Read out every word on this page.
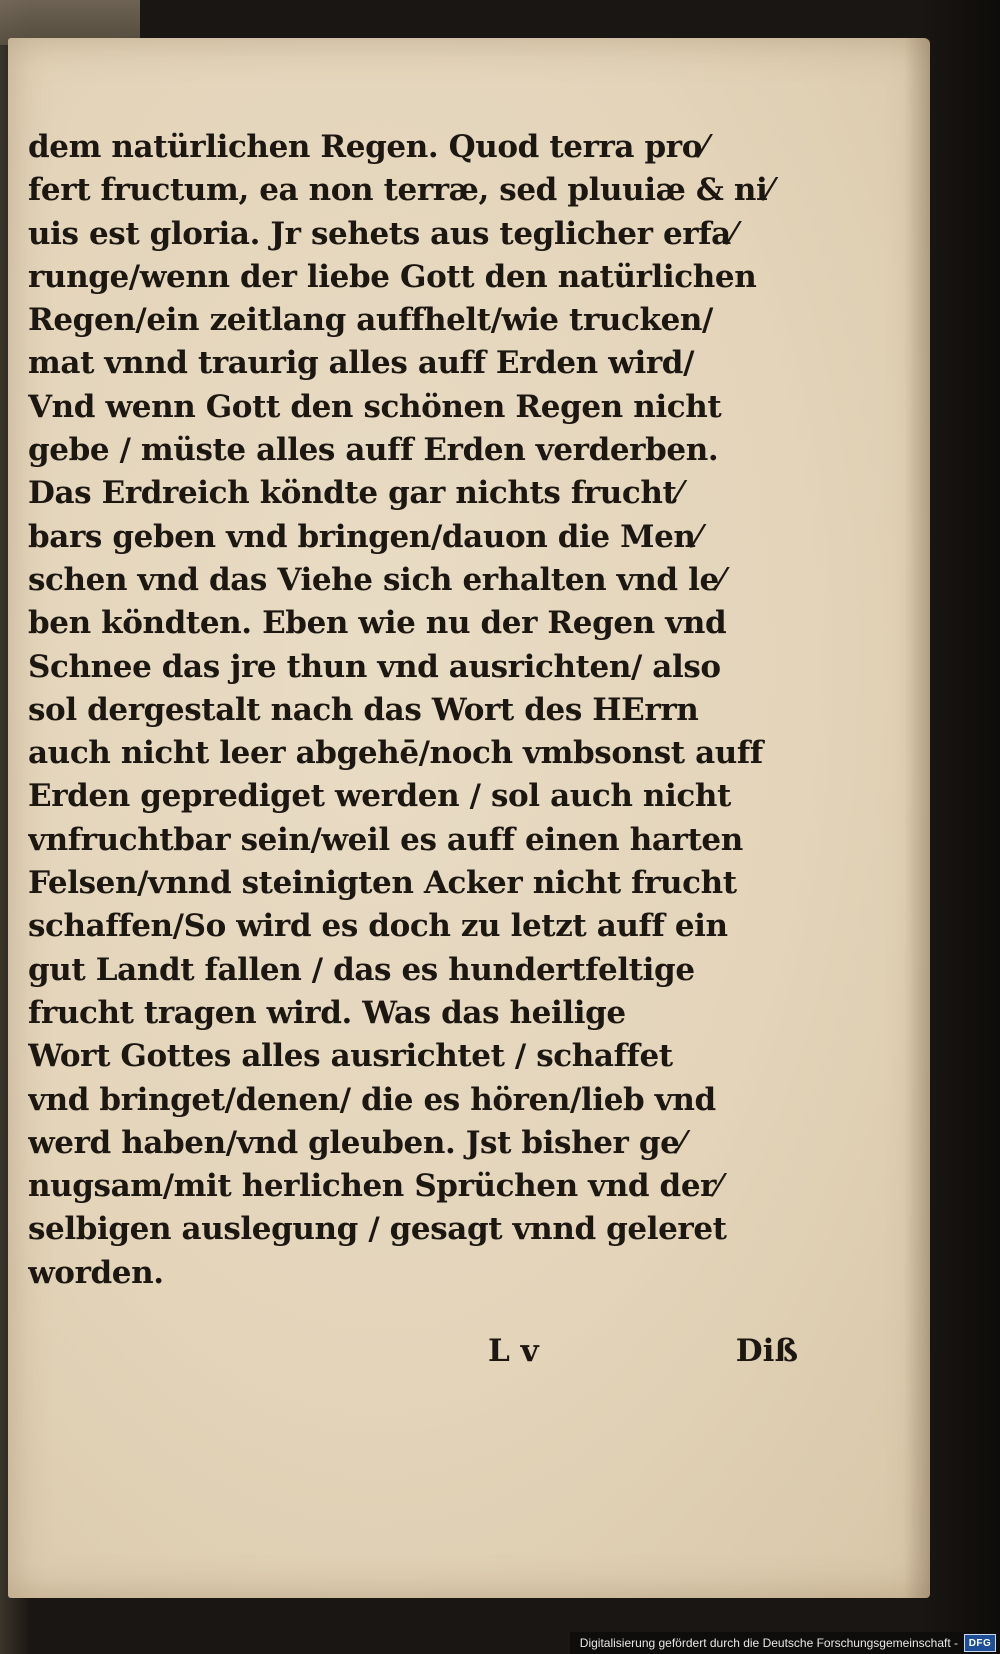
dem natürlichen Regen. Quod terra pro⁄
fert fructum, ea non terræ, sed pluuiæ & ni⁄
uis est gloria. Jr sehets aus teglicher erfa⁄
runge/wenn der liebe Gott den natürlichen
Regen/ein zeitlang auffhelt/wie trucken/
mat vnnd traurig alles auff Erden wird/
Vnd wenn Gott den schönen Regen nicht
gebe / müste alles auff Erden verderben.
Das Erdreich köndte gar nichts frucht⁄
bars geben vnd bringen/dauon die Men⁄
schen vnd das Viehe sich erhalten vnd le⁄
ben köndten. Eben wie nu der Regen vnd
Schnee das jre thun vnd ausrichten/ also
sol dergestalt nach das Wort des HErrn
auch nicht leer abgehē/noch vmbsonst auff
Erden geprediget werden / sol auch nicht
vnfruchtbar sein/weil es auff einen harten
Felsen/vnnd steinigten Acker nicht frucht
schaffen/So wird es doch zu letzt auff ein
gut Landt fallen / das es hundertfeltige
frucht tragen wird. Was das heilige
Wort Gottes alles ausrichtet / schaffet
vnd bringet/denen/ die es hören/lieb vnd
werd haben/vnd gleuben. Jst bisher ge⁄
nugsam/mit herlichen Sprüchen vnd der⁄
selbigen auslegung / gesagt vnnd geleret
worden.
L v	Diß
Digitalisierung gefördert durch die Deutsche Forschungsgemeinschaft -	DFG
